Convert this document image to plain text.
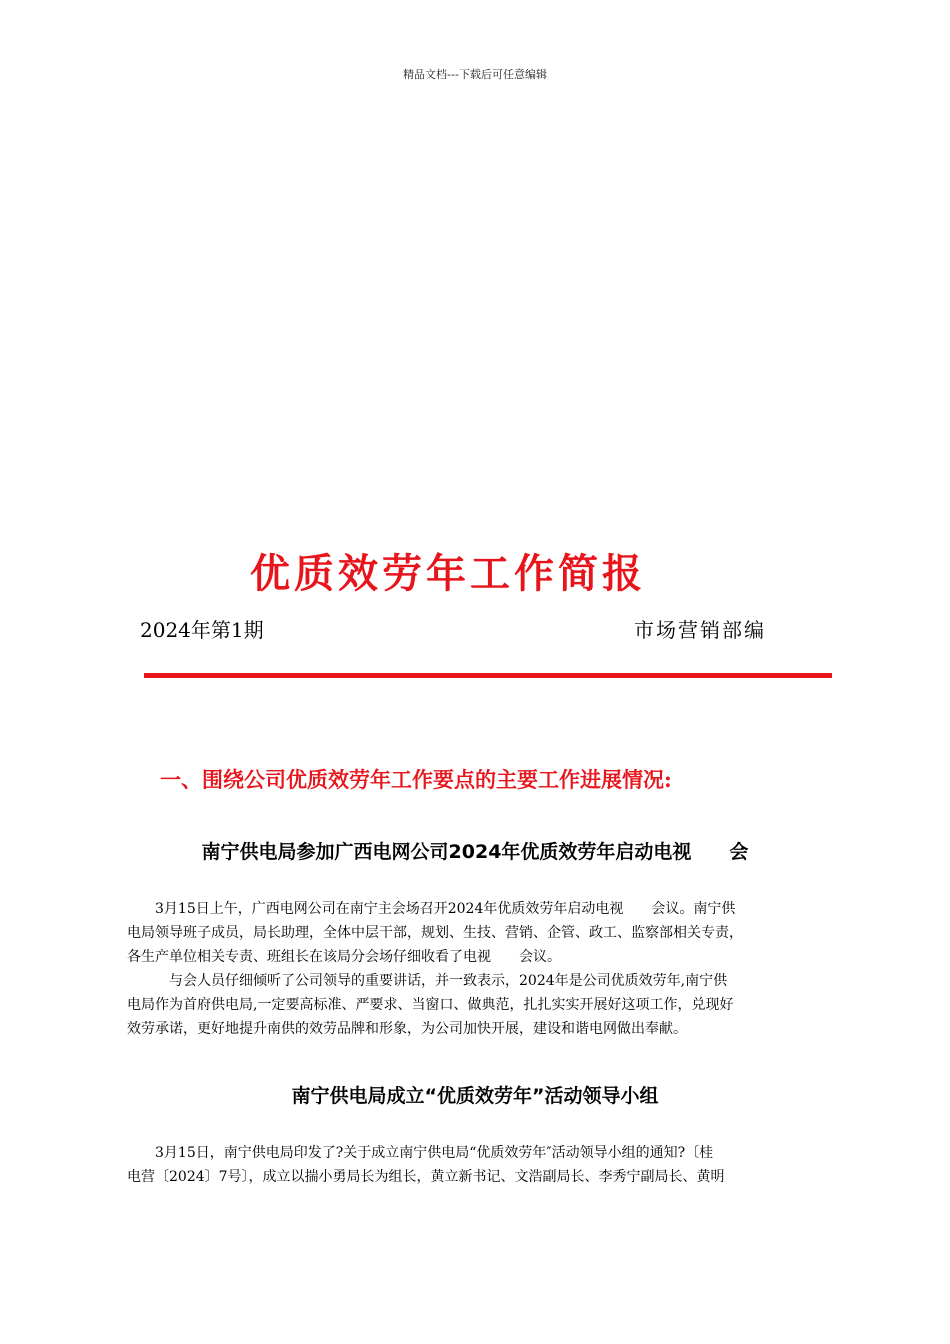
精品文档---下载后可任意编辑
优质效劳年工作简报
2024年第1期	市场营销部编
一、围绕公司优质效劳年工作要点的主要工作进展情况:
南宁供电局参加广西电网公司2024年优质效劳年启动电视　　会
　　3月15日上午，广西电网公司在南宁主会场召开2024年优质效劳年启动电视　　会议。南宁供
电局领导班子成员，局长助理，全体中层干部，规划、生技、营销、企管、政工、监察部相关专责，
各生产单位相关专责、班组长在该局分会场仔细收看了电视　　会议。
　　　与会人员仔细倾听了公司领导的重要讲话，并一致表示，2024年是公司优质效劳年,南宁供
电局作为首府供电局,一定要高标准、严要求、当窗口、做典范，扎扎实实开展好这项工作，兑现好
效劳承诺，更好地提升南供的效劳品牌和形象，为公司加快开展，建设和谐电网做出奉献。
南宁供电局成立“优质效劳年”活动领导小组
　　3月15日，南宁供电局印发了?关于成立南宁供电局“优质效劳年″活动领导小组的通知?〔桂
电营〔2024〕7号〕，成立以揣小勇局长为组长，黄立新书记、文浩副局长、李秀宁副局长、黄明
